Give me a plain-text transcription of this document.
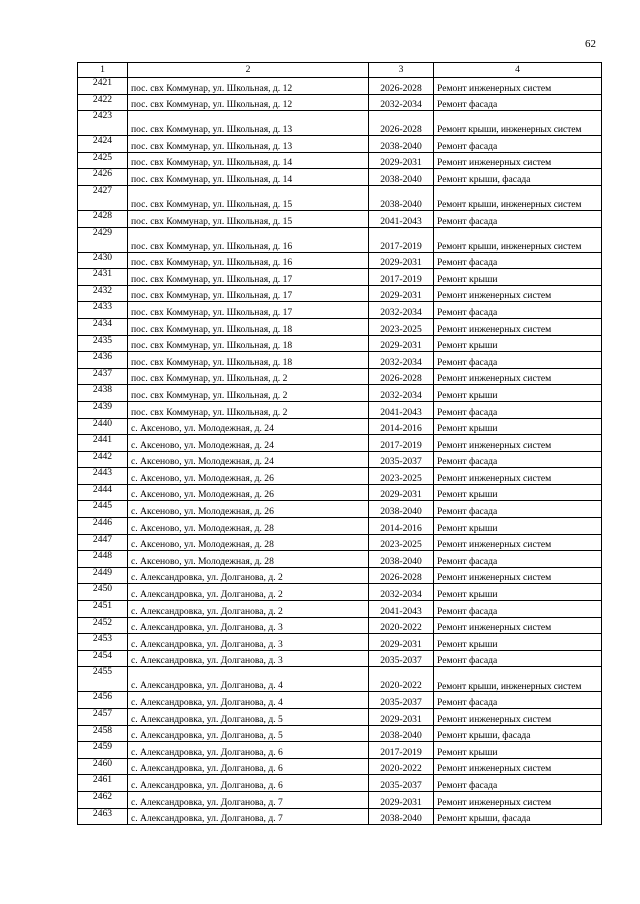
62
1	2	3	4
2421	пос. свх Коммунар, ул. Школьная, д. 12	2026-2028	Ремонт инженерных систем
2422	пос. свх Коммунар, ул. Школьная, д. 12	2032-2034	Ремонт фасада
2423	пос. свх Коммунар, ул. Школьная, д. 13	2026-2028	Ремонт крыши, инженерных систем
2424	пос. свх Коммунар, ул. Школьная, д. 13	2038-2040	Ремонт фасада
2425	пос. свх Коммунар, ул. Школьная, д. 14	2029-2031	Ремонт инженерных систем
2426	пос. свх Коммунар, ул. Школьная, д. 14	2038-2040	Ремонт крыши, фасада
2427	пос. свх Коммунар, ул. Школьная, д. 15	2038-2040	Ремонт крыши, инженерных систем
2428	пос. свх Коммунар, ул. Школьная, д. 15	2041-2043	Ремонт фасада
2429	пос. свх Коммунар, ул. Школьная, д. 16	2017-2019	Ремонт крыши, инженерных систем
2430	пос. свх Коммунар, ул. Школьная, д. 16	2029-2031	Ремонт фасада
2431	пос. свх Коммунар, ул. Школьная, д. 17	2017-2019	Ремонт крыши
2432	пос. свх Коммунар, ул. Школьная, д. 17	2029-2031	Ремонт инженерных систем
2433	пос. свх Коммунар, ул. Школьная, д. 17	2032-2034	Ремонт фасада
2434	пос. свх Коммунар, ул. Школьная, д. 18	2023-2025	Ремонт инженерных систем
2435	пос. свх Коммунар, ул. Школьная, д. 18	2029-2031	Ремонт крыши
2436	пос. свх Коммунар, ул. Школьная, д. 18	2032-2034	Ремонт фасада
2437	пос. свх Коммунар, ул. Школьная, д. 2	2026-2028	Ремонт инженерных систем
2438	пос. свх Коммунар, ул. Школьная, д. 2	2032-2034	Ремонт крыши
2439	пос. свх Коммунар, ул. Школьная, д. 2	2041-2043	Ремонт фасада
2440	с. Аксеново, ул. Молодежная, д. 24	2014-2016	Ремонт крыши
2441	с. Аксеново, ул. Молодежная, д. 24	2017-2019	Ремонт инженерных систем
2442	с. Аксеново, ул. Молодежная, д. 24	2035-2037	Ремонт фасада
2443	с. Аксеново, ул. Молодежная, д. 26	2023-2025	Ремонт инженерных систем
2444	с. Аксеново, ул. Молодежная, д. 26	2029-2031	Ремонт крыши
2445	с. Аксеново, ул. Молодежная, д. 26	2038-2040	Ремонт фасада
2446	с. Аксеново, ул. Молодежная, д. 28	2014-2016	Ремонт крыши
2447	с. Аксеново, ул. Молодежная, д. 28	2023-2025	Ремонт инженерных систем
2448	с. Аксеново, ул. Молодежная, д. 28	2038-2040	Ремонт фасада
2449	с. Александровка, ул. Долганова, д. 2	2026-2028	Ремонт инженерных систем
2450	с. Александровка, ул. Долганова, д. 2	2032-2034	Ремонт крыши
2451	с. Александровка, ул. Долганова, д. 2	2041-2043	Ремонт фасада
2452	с. Александровка, ул. Долганова, д. 3	2020-2022	Ремонт инженерных систем
2453	с. Александровка, ул. Долганова, д. 3	2029-2031	Ремонт крыши
2454	с. Александровка, ул. Долганова, д. 3	2035-2037	Ремонт фасада
2455	с. Александровка, ул. Долганова, д. 4	2020-2022	Ремонт крыши, инженерных систем
2456	с. Александровка, ул. Долганова, д. 4	2035-2037	Ремонт фасада
2457	с. Александровка, ул. Долганова, д. 5	2029-2031	Ремонт инженерных систем
2458	с. Александровка, ул. Долганова, д. 5	2038-2040	Ремонт крыши, фасада
2459	с. Александровка, ул. Долганова, д. 6	2017-2019	Ремонт крыши
2460	с. Александровка, ул. Долганова, д. 6	2020-2022	Ремонт инженерных систем
2461	с. Александровка, ул. Долганова, д. 6	2035-2037	Ремонт фасада
2462	с. Александровка, ул. Долганова, д. 7	2029-2031	Ремонт инженерных систем
2463	с. Александровка, ул. Долганова, д. 7	2038-2040	Ремонт крыши, фасада
